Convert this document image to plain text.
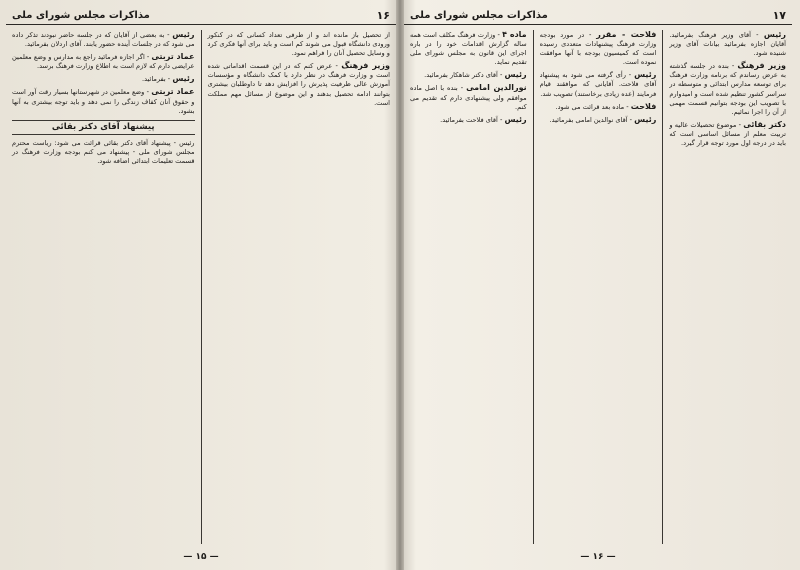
۱۶
مذاکرات مجلس شورای ملی

از تحصیل باز مانده اند و از طرفی تعداد کسانی که در کنکور ورودی دانشگاه قبول می شوند کم است و باید برای آنها فکری کرد و وسایل تحصیل آنان را فراهم نمود.

وزیر فرهنگ - عرض کنم که در این قسمت اقداماتی شده است و وزارت فرهنگ در نظر دارد با کمک دانشگاه و مؤسسات آموزش عالی ظرفیت پذیرش را افزایش دهد تا داوطلبان بیشتری بتوانند ادامه تحصیل بدهند و این موضوع از مسائل مهم مملکت است.

رئیس - به بعضی از آقایان که در جلسه حاضر نبودند تذکر داده می شود که در جلسات آینده حضور یابند. آقای اردلان بفرمائید.

عماد تربتی - اگر اجازه فرمائید راجع به مدارس و وضع معلمین عرایضی دارم که لازم است به اطلاع وزارت فرهنگ برسد.

رئیس - بفرمائید.

عماد تربتی - وضع معلمین در شهرستانها بسیار رقت آور است و حقوق آنان کفاف زندگی را نمی دهد و باید توجه بیشتری به آنها بشود.

پیشنهاد آقای دکتر بقائی

رئیس - پیشنهاد آقای دکتر بقائی قرائت می شود: ریاست محترم مجلس شورای ملی - پیشنهاد می کنم بودجه وزارت فرهنگ در قسمت تعلیمات ابتدائی اضافه شود.

— ۱۵ —
۱۷
مذاکرات مجلس شورای ملی

رئیس - آقای وزیر فرهنگ بفرمائید. آقایان اجازه بفرمائید بیانات آقای وزیر شنیده شود.

وزیر فرهنگ - بنده در جلسه گذشته به عرض رساندم که برنامه وزارت فرهنگ برای توسعه مدارس ابتدائی و متوسطه در سراسر کشور تنظیم شده است و امیدوارم با تصویب این بودجه بتوانیم قسمت مهمی از آن را اجرا نمائیم.

دکتر بقائی - موضوع تحصیلات عالیه و تربیت معلم از مسائل اساسی است که باید در درجه اول مورد توجه قرار گیرد.

فلاحت - مقرر - در مورد بودجه وزارت فرهنگ پیشنهادات متعددی رسیده است که کمیسیون بودجه با آنها موافقت نموده است.

رئیس - رأی گرفته می شود به پیشنهاد آقای فلاحت. آقایانی که موافقند قیام فرمایند (عده زیادی برخاستند) تصویب شد.

فلاحت - ماده بعد قرائت می شود.

رئیس - آقای نوالدین امامی بفرمائید.

ماده ۴ - وزارت فرهنگ مکلف است همه ساله گزارش اقدامات خود را در باره اجرای این قانون به مجلس شورای ملی تقدیم نماید.

رئیس - آقای دکتر شاهکار بفرمائید.

نورالدین امامی - بنده با اصل ماده موافقم ولی پیشنهادی دارم که تقدیم می کنم.

رئیس - آقای فلاحت بفرمائید.

— ۱۶ —
